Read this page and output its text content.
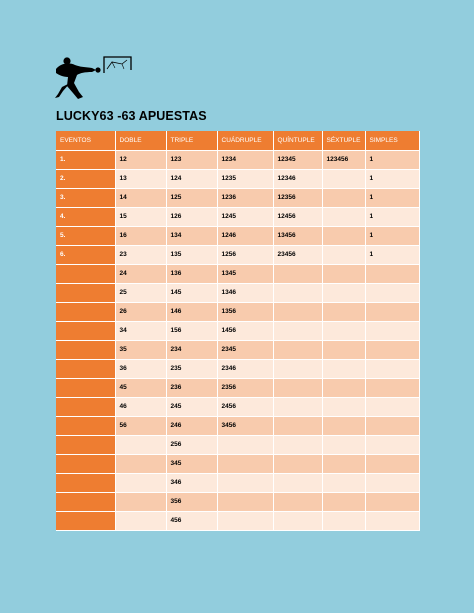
LUCKY63 -63 APUESTAS
EVENTOS	DOBLE	TRIPLE	CUÁDRUPLE	QUÍNTUPLE	SÉXTUPLE	SIMPLES
1.	12	123	1234	12345	123456	1
2.	13	124	1235	12346		1
3.	14	125	1236	12356		1
4.	15	126	1245	12456		1
5.	16	134	1246	13456		1
6.	23	135	1256	23456		1
	24	136	1345			
	25	145	1346			
	26	146	1356			
	34	156	1456			
	35	234	2345			
	36	235	2346			
	45	236	2356			
	46	245	2456			
	56	246	3456			
		256				
		345				
		346				
		356				
		456				
